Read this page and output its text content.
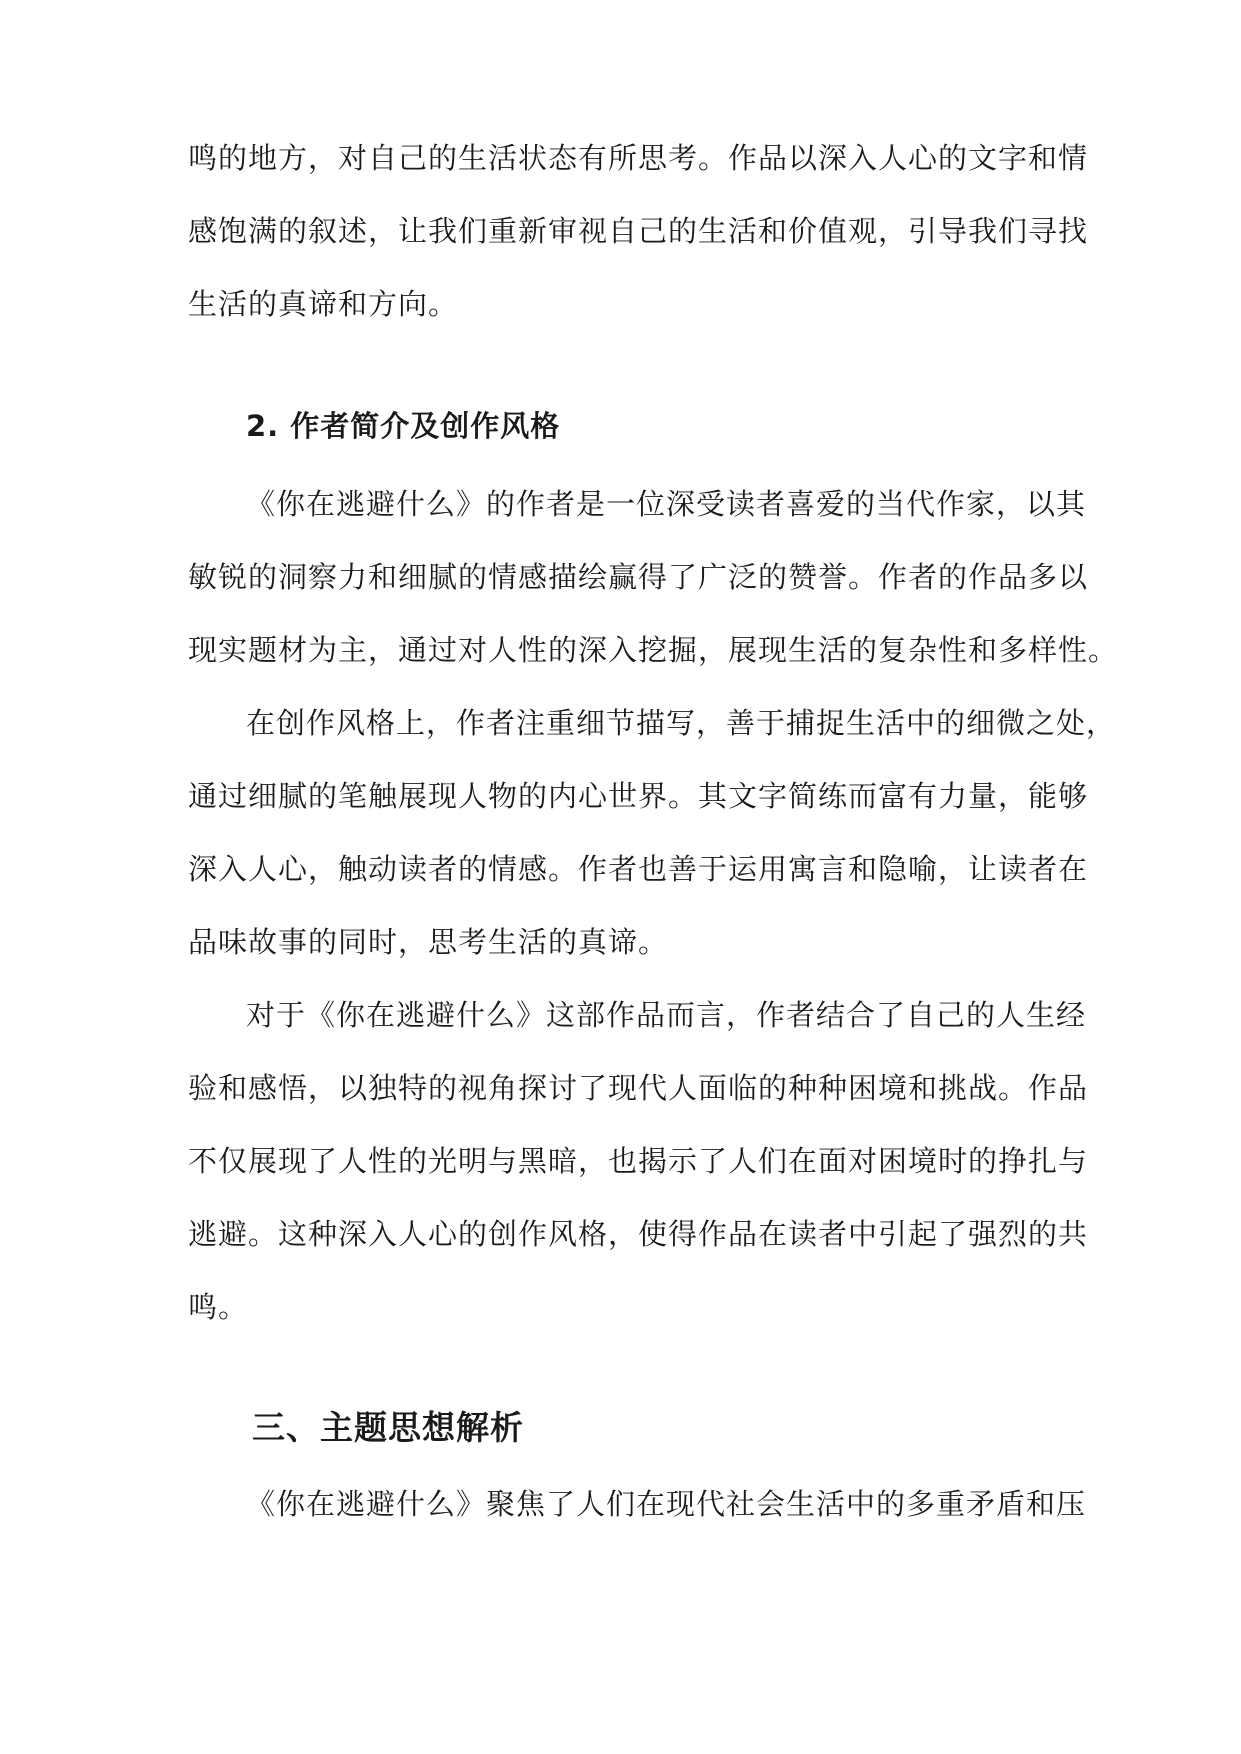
鸣的地方，对自己的生活状态有所思考。作品以深入人心的文字和情
感饱满的叙述，让我们重新审视自己的生活和价值观，引导我们寻找
生活的真谛和方向。
2. 作者简介及创作风格
《你在逃避什么》的作者是一位深受读者喜爱的当代作家，以其
敏锐的洞察力和细腻的情感描绘赢得了广泛的赞誉。作者的作品多以
现实题材为主，通过对人性的深入挖掘，展现生活的复杂性和多样性。
在创作风格上，作者注重细节描写，善于捕捉生活中的细微之处，
通过细腻的笔触展现人物的内心世界。其文字简练而富有力量，能够
深入人心，触动读者的情感。作者也善于运用寓言和隐喻，让读者在
品味故事的同时，思考生活的真谛。
对于《你在逃避什么》这部作品而言，作者结合了自己的人生经
验和感悟，以独特的视角探讨了现代人面临的种种困境和挑战。作品
不仅展现了人性的光明与黑暗，也揭示了人们在面对困境时的挣扎与
逃避。这种深入人心的创作风格，使得作品在读者中引起了强烈的共
鸣。
三、主题思想解析
《你在逃避什么》聚焦了人们在现代社会生活中的多重矛盾和压
